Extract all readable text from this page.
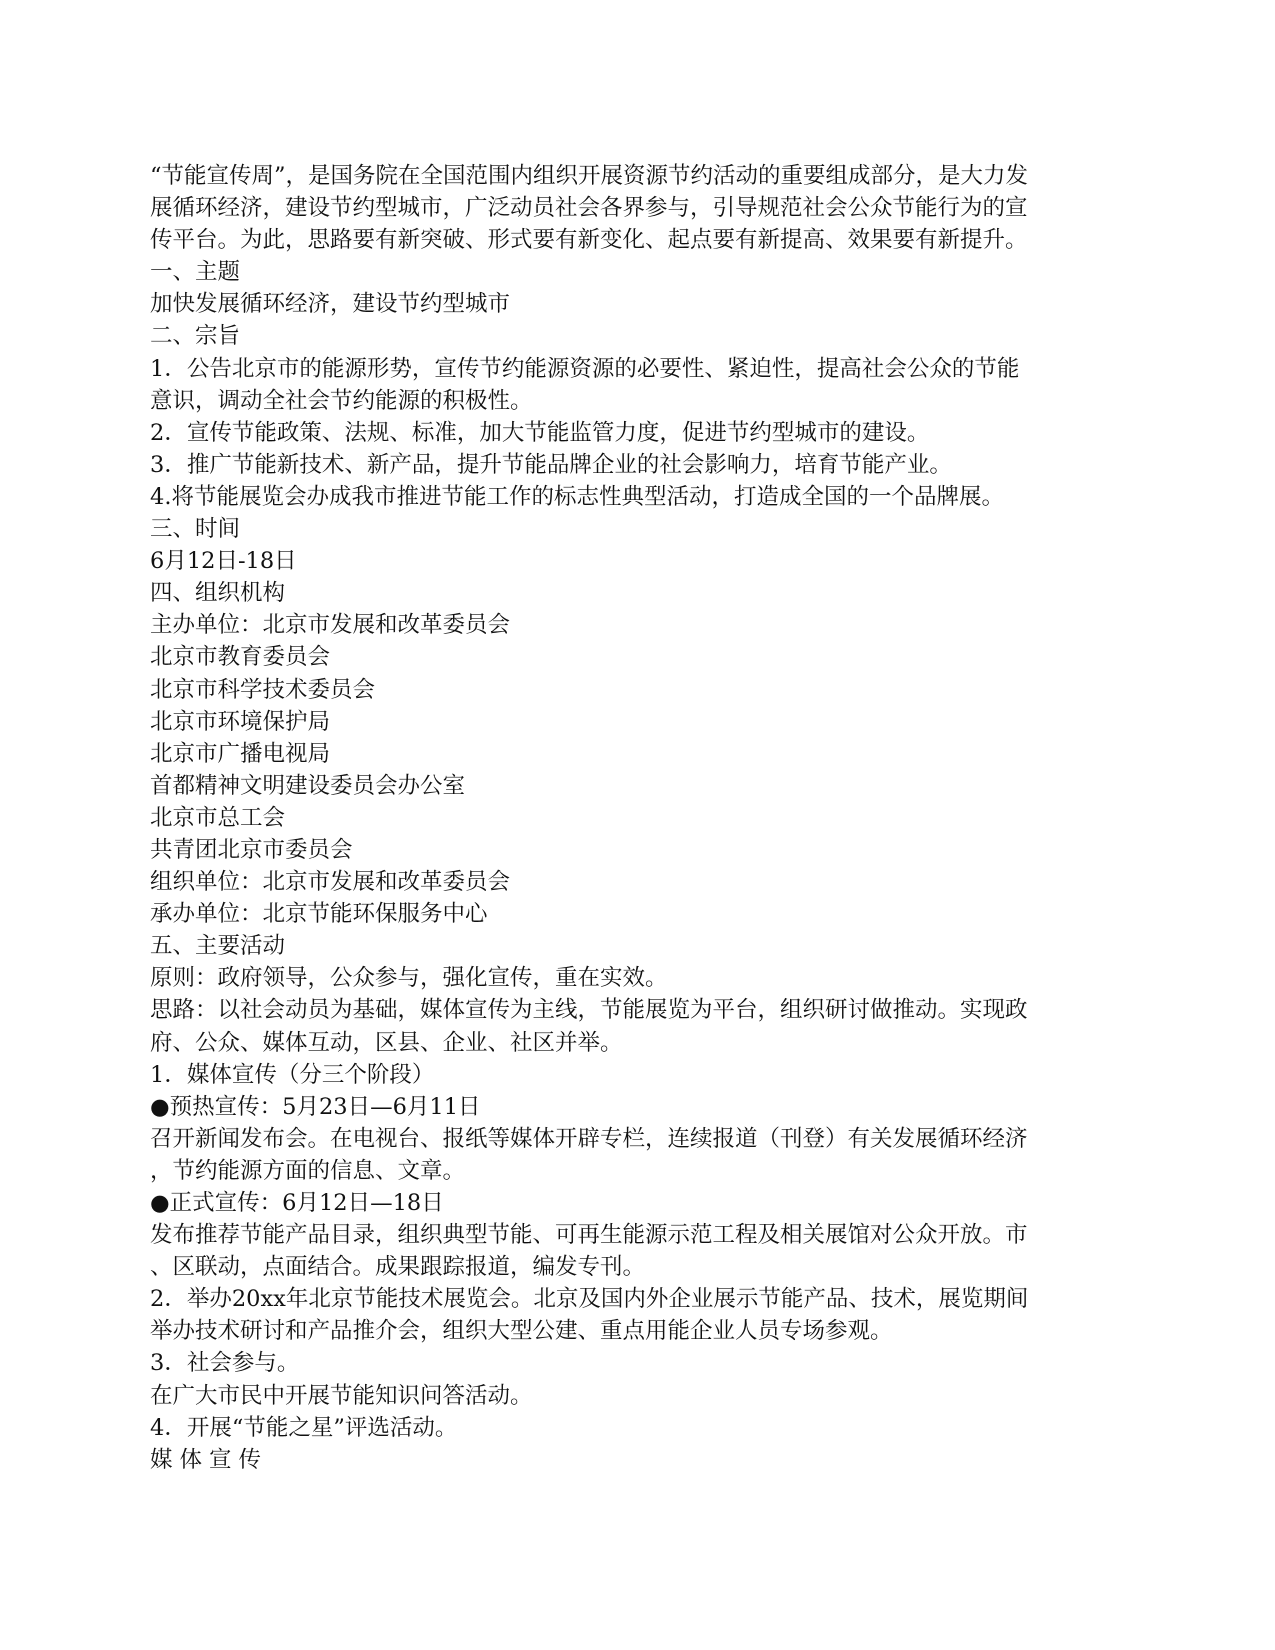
“节能宣传周”，是国务院在全国范围内组织开展资源节约活动的重要组成部分，是大力发

展循环经济，建设节约型城市，广泛动员社会各界参与，引导规范社会公众节能行为的宣

传平台。为此，思路要有新突破、形式要有新变化、起点要有新提高、效果要有新提升。

一、主题

加快发展循环经济，建设节约型城市

二、宗旨

1．公告北京市的能源形势，宣传节约能源资源的必要性、紧迫性，提高社会公众的节能

意识，调动全社会节约能源的积极性。

2．宣传节能政策、法规、标准，加大节能监管力度，促进节约型城市的建设。

3．推广节能新技术、新产品，提升节能品牌企业的社会影响力，培育节能产业。

4.将节能展览会办成我市推进节能工作的标志性典型活动，打造成全国的一个品牌展。

三、时间

6月12日-18日

四、组织机构

主办单位：北京市发展和改革委员会

北京市教育委员会

北京市科学技术委员会

北京市环境保护局

北京市广播电视局

首都精神文明建设委员会办公室

北京市总工会

共青团北京市委员会

组织单位：北京市发展和改革委员会

承办单位：北京节能环保服务中心

五、主要活动

原则：政府领导，公众参与，强化宣传，重在实效。

思路：以社会动员为基础，媒体宣传为主线，节能展览为平台，组织研讨做推动。实现政

府、公众、媒体互动，区县、企业、社区并举。

1．媒体宣传（分三个阶段）

●预热宣传：5月23日—6月11日

召开新闻发布会。在电视台、报纸等媒体开辟专栏，连续报道（刊登）有关发展循环经济

，节约能源方面的信息、文章。

●正式宣传：6月12日—18日

发布推荐节能产品目录，组织典型节能、可再生能源示范工程及相关展馆对公众开放。市

、区联动，点面结合。成果跟踪报道，编发专刊。

2．举办20xx年北京节能技术展览会。北京及国内外企业展示节能产品、技术，展览期间

举办技术研讨和产品推介会，组织大型公建、重点用能企业人员专场参观。

3．社会参与。

在广大市民中开展节能知识问答活动。

4．开展“节能之星”评选活动。

媒体宣传
